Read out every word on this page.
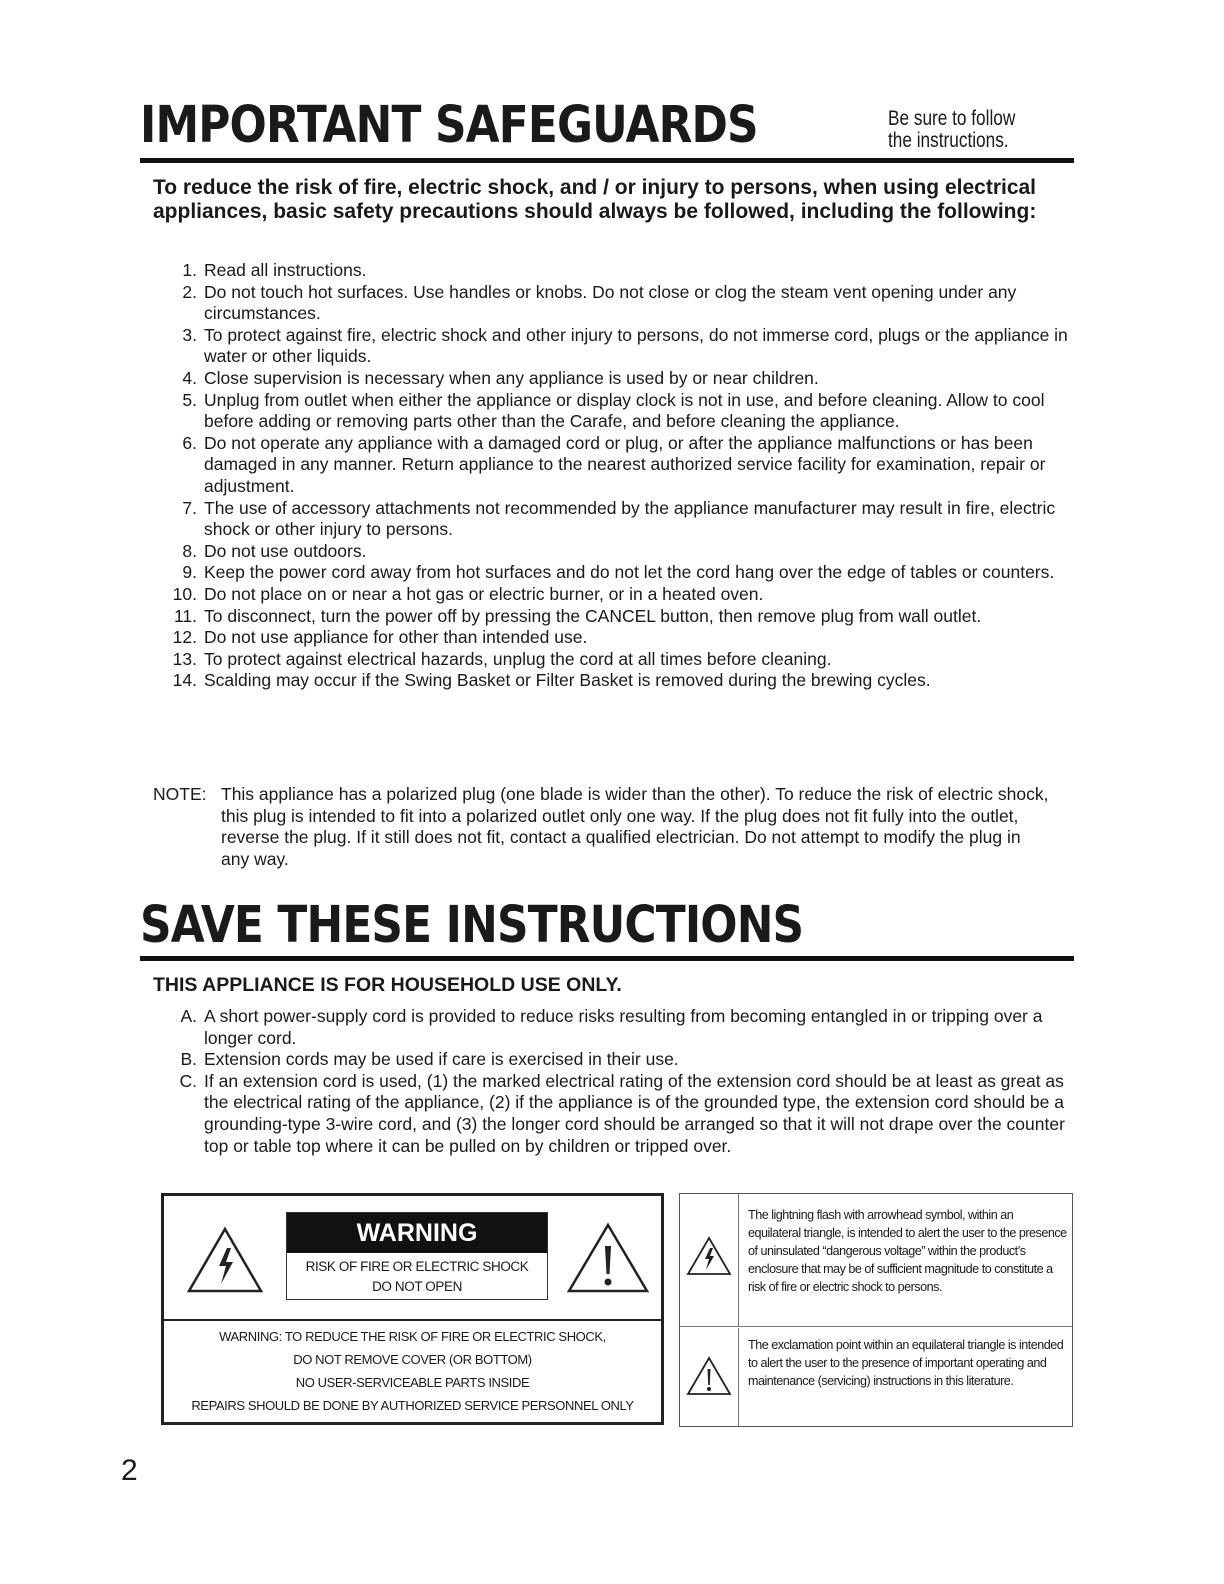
IMPORTANT SAFEGUARDS	Be sure to follow
the instructions.
To reduce the risk of fire, electric shock, and / or injury to persons, when using electrical appliances, basic safety precautions should always be followed, including the following:
1. Read all instructions.
2. Do not touch hot surfaces. Use handles or knobs. Do not close or clog the steam vent opening under any circumstances.
3. To protect against fire, electric shock and other injury to persons, do not immerse cord, plugs or the appliance in water or other liquids.
4. Close supervision is necessary when any appliance is used by or near children.
5. Unplug from outlet when either the appliance or display clock is not in use, and before cleaning. Allow to cool before adding or removing parts other than the Carafe, and before cleaning the appliance.
6. Do not operate any appliance with a damaged cord or plug, or after the appliance malfunctions or has been damaged in any manner. Return appliance to the nearest authorized service facility for examination, repair or adjustment.
7. The use of accessory attachments not recommended by the appliance manufacturer may result in fire, electric shock or other injury to persons.
8. Do not use outdoors.
9. Keep the power cord away from hot surfaces and do not let the cord hang over the edge of tables or counters.
10. Do not place on or near a hot gas or electric burner, or in a heated oven.
11. To disconnect, turn the power off by pressing the CANCEL button, then remove plug from wall outlet.
12. Do not use appliance for other than intended use.
13. To protect against electrical hazards, unplug the cord at all times before cleaning.
14. Scalding may occur if the Swing Basket or Filter Basket is removed during the brewing cycles.
NOTE: This appliance has a polarized plug (one blade is wider than the other). To reduce the risk of electric shock, this plug is intended to fit into a polarized outlet only one way. If the plug does not fit fully into the outlet, reverse the plug. If it still does not fit, contact a qualified electrician. Do not attempt to modify the plug in any way.
SAVE THESE INSTRUCTIONS
THIS APPLIANCE IS FOR HOUSEHOLD USE ONLY.
A. A short power-supply cord is provided to reduce risks resulting from becoming entangled in or tripping over a longer cord.
B. Extension cords may be used if care is exercised in their use.
C. If an extension cord is used, (1) the marked electrical rating of the extension cord should be at least as great as the electrical rating of the appliance, (2) if the appliance is of the grounded type, the extension cord should be a grounding-type 3-wire cord, and (3) the longer cord should be arranged so that it will not drape over the counter top or table top where it can be pulled on by children or tripped over.
WARNING
RISK OF FIRE OR ELECTRIC SHOCK
DO NOT OPEN
WARNING: TO REDUCE THE RISK OF FIRE OR ELECTRIC SHOCK,
DO NOT REMOVE COVER (OR BOTTOM)
NO USER-SERVICEABLE PARTS INSIDE
REPAIRS SHOULD BE DONE BY AUTHORIZED SERVICE PERSONNEL ONLY
The lightning flash with arrowhead symbol, within an equilateral triangle, is intended to alert the user to the presence of uninsulated “dangerous voltage” within the product’s enclosure that may be of sufficient magnitude to constitute a risk of fire or electric shock to persons.
The exclamation point within an equilateral triangle is intended to alert the user to the presence of important operating and maintenance (servicing) instructions in this literature.
2
